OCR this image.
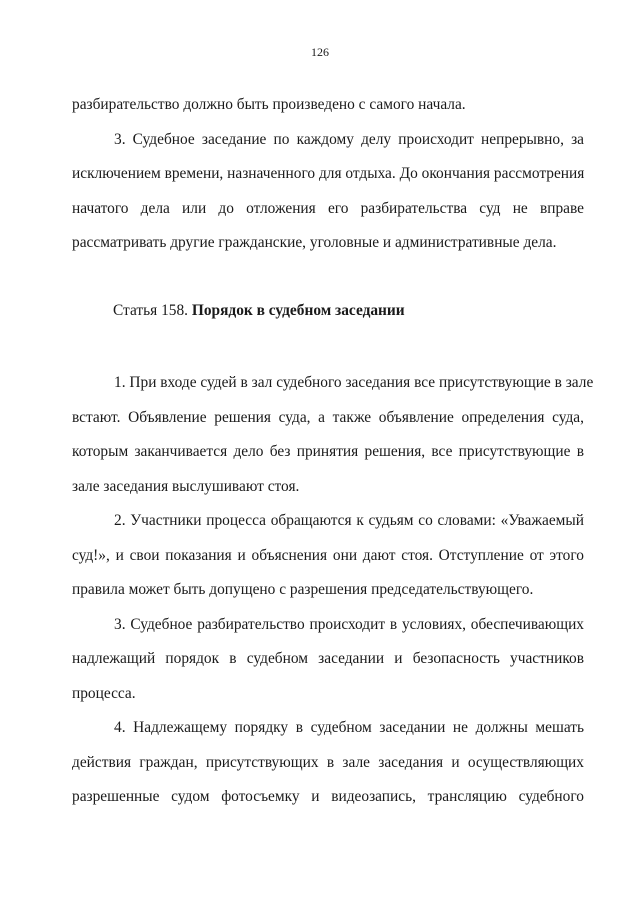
126
разбирательство должно быть произведено с самого начала.
3. Судебное заседание по каждому делу происходит непрерывно, за
исключением времени, назначенного для отдыха. До окончания рассмотрения
начатого дела или до отложения его разбирательства суд не вправе
рассматривать другие гражданские, уголовные и административные дела.
Статья 158. Порядок в судебном заседании
1. При входе судей в зал судебного заседания все присутствующие в зале
встают. Объявление решения суда, а также объявление определения суда,
которым заканчивается дело без принятия решения, все присутствующие в
зале заседания выслушивают стоя.
2. Участники процесса обращаются к судьям со словами: «Уважаемый
суд!», и свои показания и объяснения они дают стоя. Отступление от этого
правила может быть допущено с разрешения председательствующего.
3. Судебное разбирательство происходит в условиях, обеспечивающих
надлежащий порядок в судебном заседании и безопасность участников
процесса.
4. Надлежащему порядку в судебном заседании не должны мешать
действия граждан, присутствующих в зале заседания и осуществляющих
разрешенные судом фотосъемку и видеозапись, трансляцию судебного
